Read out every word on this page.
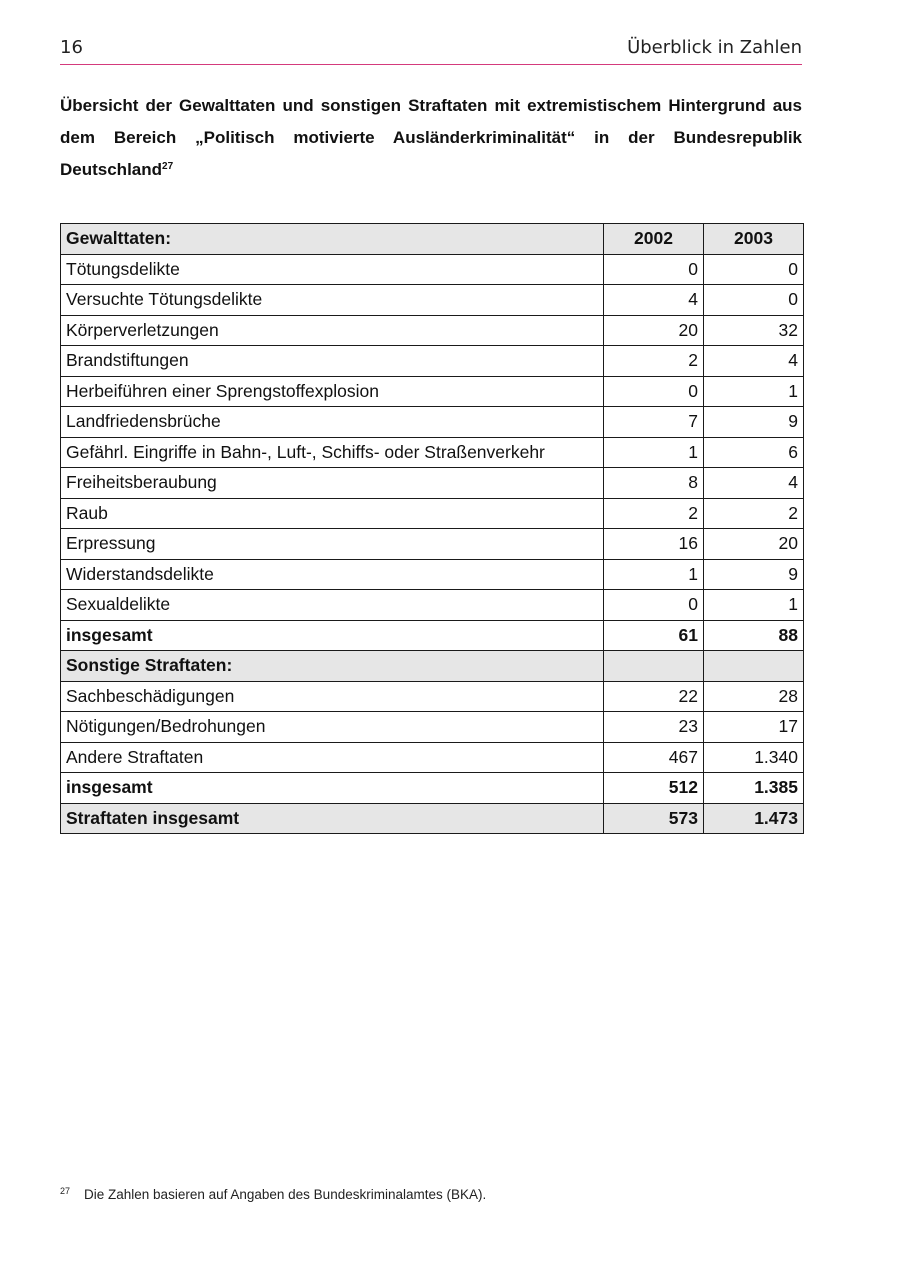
16	Überblick in Zahlen
Übersicht der Gewalttaten und sonstigen Straftaten mit extremistischem Hintergrund aus dem Bereich „Politisch motivierte Ausländerkriminalität“ in der Bundesrepublik Deutschland$^{27}$
Gewalttaten:	2002	2003
Tötungsdelikte	0	0
Versuchte Tötungsdelikte	4	0
Körperverletzungen	20	32
Brandstiftungen	2	4
Herbeiführen einer Sprengstoffexplosion	0	1
Landfriedensbrüche	7	9
Gefährl. Eingriffe in Bahn-, Luft-, Schiffs- oder Straßenverkehr	1	6
Freiheitsberaubung	8	4
Raub	2	2
Erpressung	16	20
Widerstandsdelikte	1	9
Sexualdelikte	0	1
insgesamt	61	88
Sonstige Straftaten:		
Sachbeschädigungen	22	28
Nötigungen/Bedrohungen	23	17
Andere Straftaten	467	1.340
insgesamt	512	1.385
Straftaten insgesamt	573	1.473
$^{27}$ Die Zahlen basieren auf Angaben des Bundeskriminalamtes (BKA).
